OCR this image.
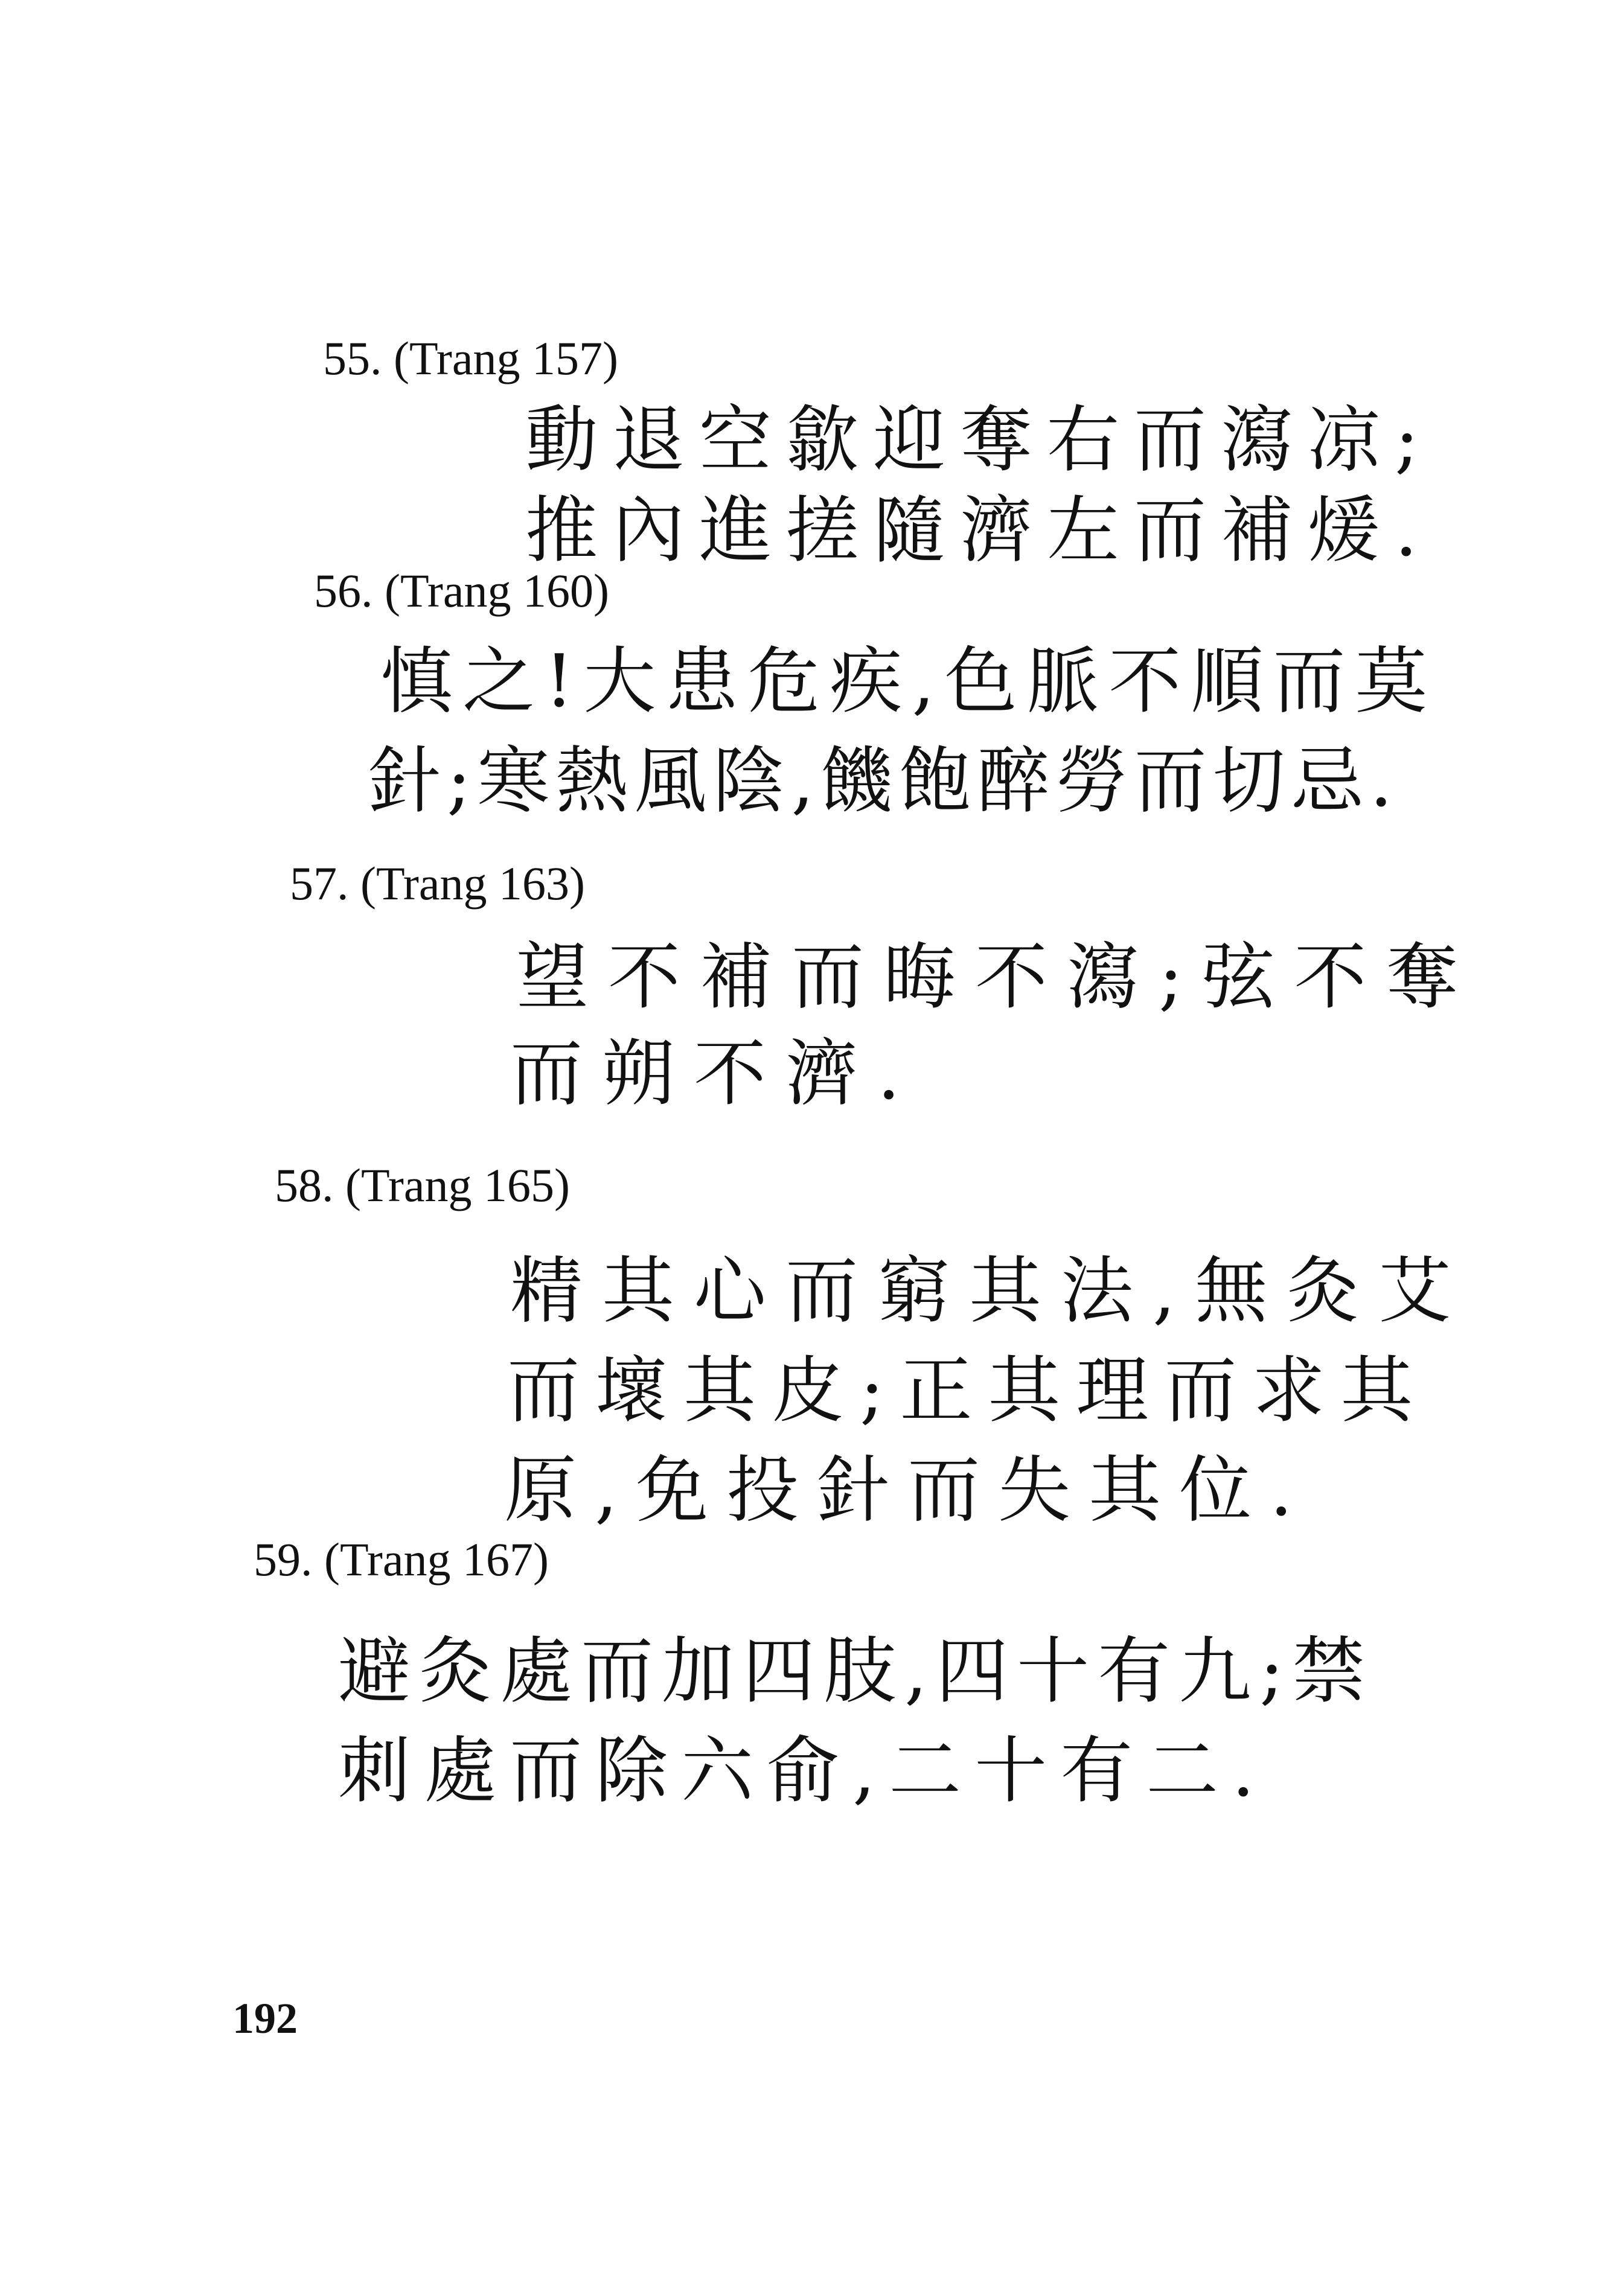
55. (Trang 157)
動退空歙迎奪右而瀉凉;
推內進搓隨濟左而補煖.
56. (Trang 160)
慎之!大患危疾,色脈不順而莫
針;寒熱風陰,饑飽醉勞而切忌.
57. (Trang 163)
望不補而晦不瀉;弦不奪
而朔不濟.
58. (Trang 165)
精其心而窮其法,無灸艾
而壞其皮;正其理而求其
原,免投針而失其位.
59. (Trang 167)
避灸處而加四肢,四十有九;禁
刺處而除六俞,二十有二.
192
